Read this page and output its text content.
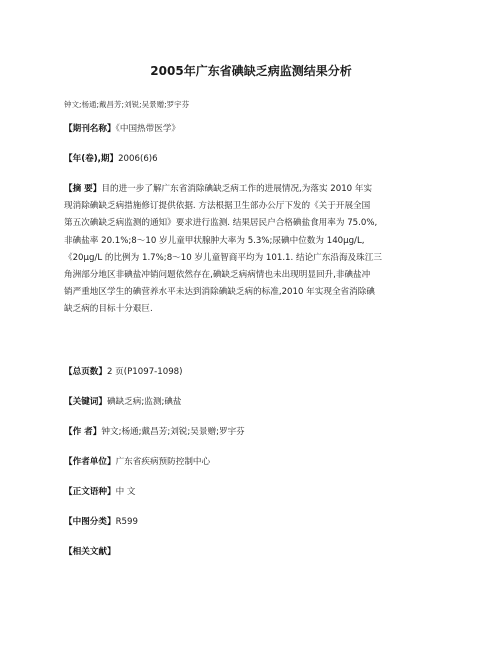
2005年广东省碘缺乏病监测结果分析
钟文;杨通;戴昌芳;刘锐;吴景赠;罗宇芬
【期刊名称】《中国热带医学》
【年(卷),期】2006(6)6
【摘 要】目的进一步了解广东省消除碘缺乏病工作的进展情况,为落实 2010 年实
现消除碘缺乏病措施修订提供依据. 方法根据卫生部办公厅下发的《关于开展全国
第五次碘缺乏病监测的通知》要求进行监测. 结果居民户合格碘盐食用率为 75.0%,
非碘盐率 20.1%;8～10 岁儿童甲状腺肿大率为 5.3%;尿碘中位数为 140μg/L,
《20μg/L 的比例为 1.7%;8～10 岁儿童智商平均为 101.1. 结论广东沿海及珠江三
角洲部分地区非碘盐冲销问题依然存在,碘缺乏病病情也未出现明显回升,非碘盐冲
销严重地区学生的碘营养水平未达到消除碘缺乏病的标准,2010 年实现全省消除碘
缺乏病的目标十分艰巨.
【总页数】2 页(P1097-1098)
【关键词】碘缺乏病;监测;碘盐
【作 者】钟文;杨通;戴昌芳;刘锐;吴景赠;罗宇芬
【作者单位】广东省疾病预防控制中心
【正文语种】中 文
【中图分类】R599
【相关文献】
